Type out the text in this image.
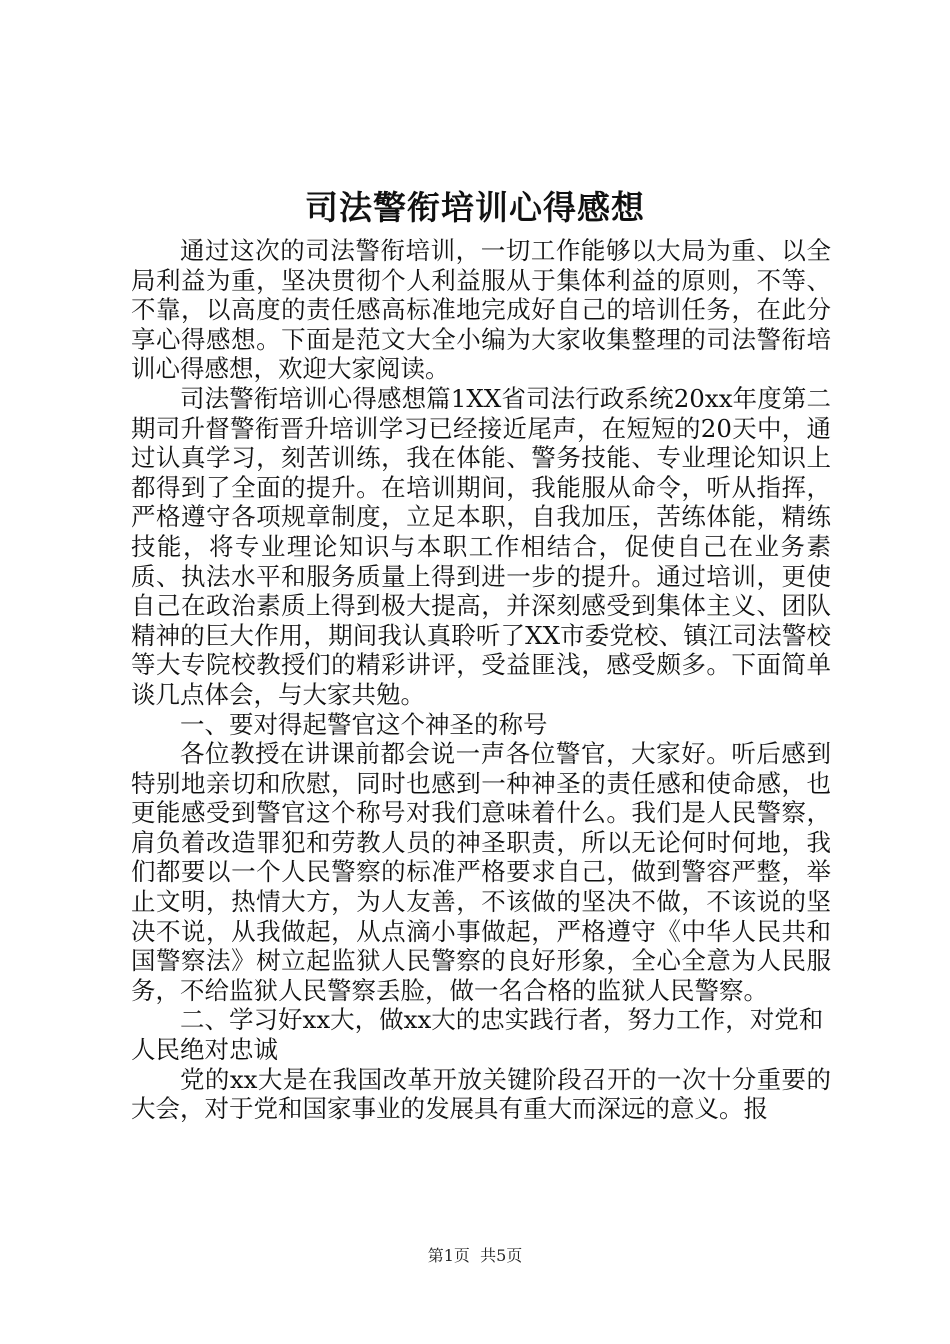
司法警衔培训心得感想

通过这次的司法警衔培训，一切工作能够以大局为重、以全局利益为重，坚决贯彻个人利益服从于集体利益的原则，不等、不靠，以高度的责任感高标准地完成好自己的培训任务，在此分享心得感想。下面是范文大全小编为大家收集整理的司法警衔培训心得感想，欢迎大家阅读。

司法警衔培训心得感想篇1XX省司法行政系统20xx年度第二期司升督警衔晋升培训学习已经接近尾声，在短短的20天中，通过认真学习，刻苦训练，我在体能、警务技能、专业理论知识上都得到了全面的提升。在培训期间，我能服从命令，听从指挥，严格遵守各项规章制度，立足本职，自我加压，苦练体能，精练技能，将专业理论知识与本职工作相结合，促使自己在业务素质、执法水平和服务质量上得到进一步的提升。通过培训，更使自己在政治素质上得到极大提高，并深刻感受到集体主义、团队精神的巨大作用，期间我认真聆听了XX市委党校、镇江司法警校等大专院校教授们的精彩讲评，受益匪浅，感受颇多。下面简单谈几点体会，与大家共勉。

一、要对得起警官这个神圣的称号

各位教授在讲课前都会说一声各位警官，大家好。听后感到特别地亲切和欣慰，同时也感到一种神圣的责任感和使命感，也更能感受到警官这个称号对我们意味着什么。我们是人民警察，肩负着改造罪犯和劳教人员的神圣职责，所以无论何时何地，我们都要以一个人民警察的标准严格要求自己，做到警容严整，举止文明，热情大方，为人友善，不该做的坚决不做，不该说的坚决不说，从我做起，从点滴小事做起，严格遵守《中华人民共和国警察法》树立起监狱人民警察的良好形象，全心全意为人民服务，不给监狱人民警察丢脸，做一名合格的监狱人民警察。

二、学习好xx大，做xx大的忠实践行者，努力工作，对党和人民绝对忠诚

党的xx大是在我国改革开放关键阶段召开的一次十分重要的大会，对于党和国家事业的发展具有重大而深远的意义。报

第1页  共5页
